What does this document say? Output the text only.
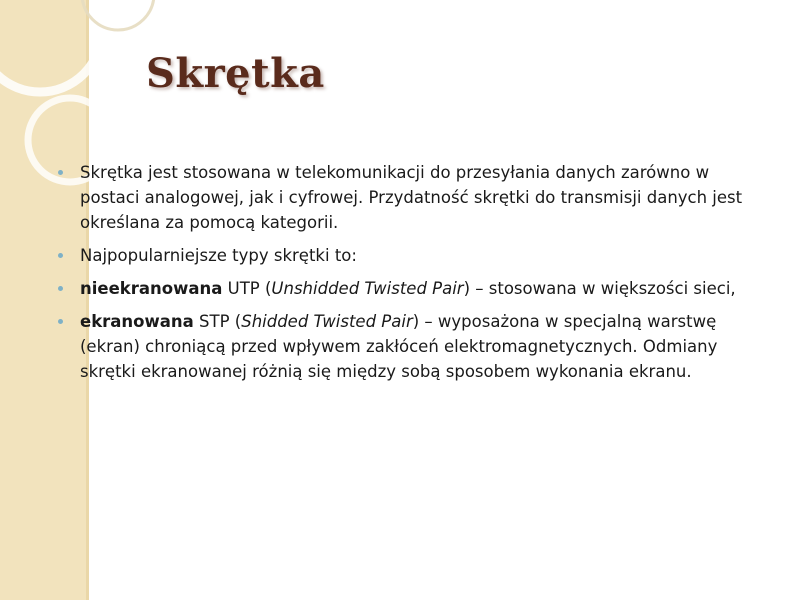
Skrętka
Skrętka jest stosowana w telekomunikacji do przesyłania danych zarówno w postaci analogowej, jak i cyfrowej. Przydatność skrętki do transmisji danych jest określana za pomocą kategorii.
Najpopularniejsze typy skrętki to:
nieekranowana UTP (Unshidded Twisted Pair) – stosowana w większości sieci,
ekranowana STP (Shidded Twisted Pair) – wyposażona w specjalną warstwę (ekran) chroniącą przed wpływem zakłóceń elektromagnetycznych. Odmiany skrętki ekranowanej różnią się między sobą sposobem wykonania ekranu.
